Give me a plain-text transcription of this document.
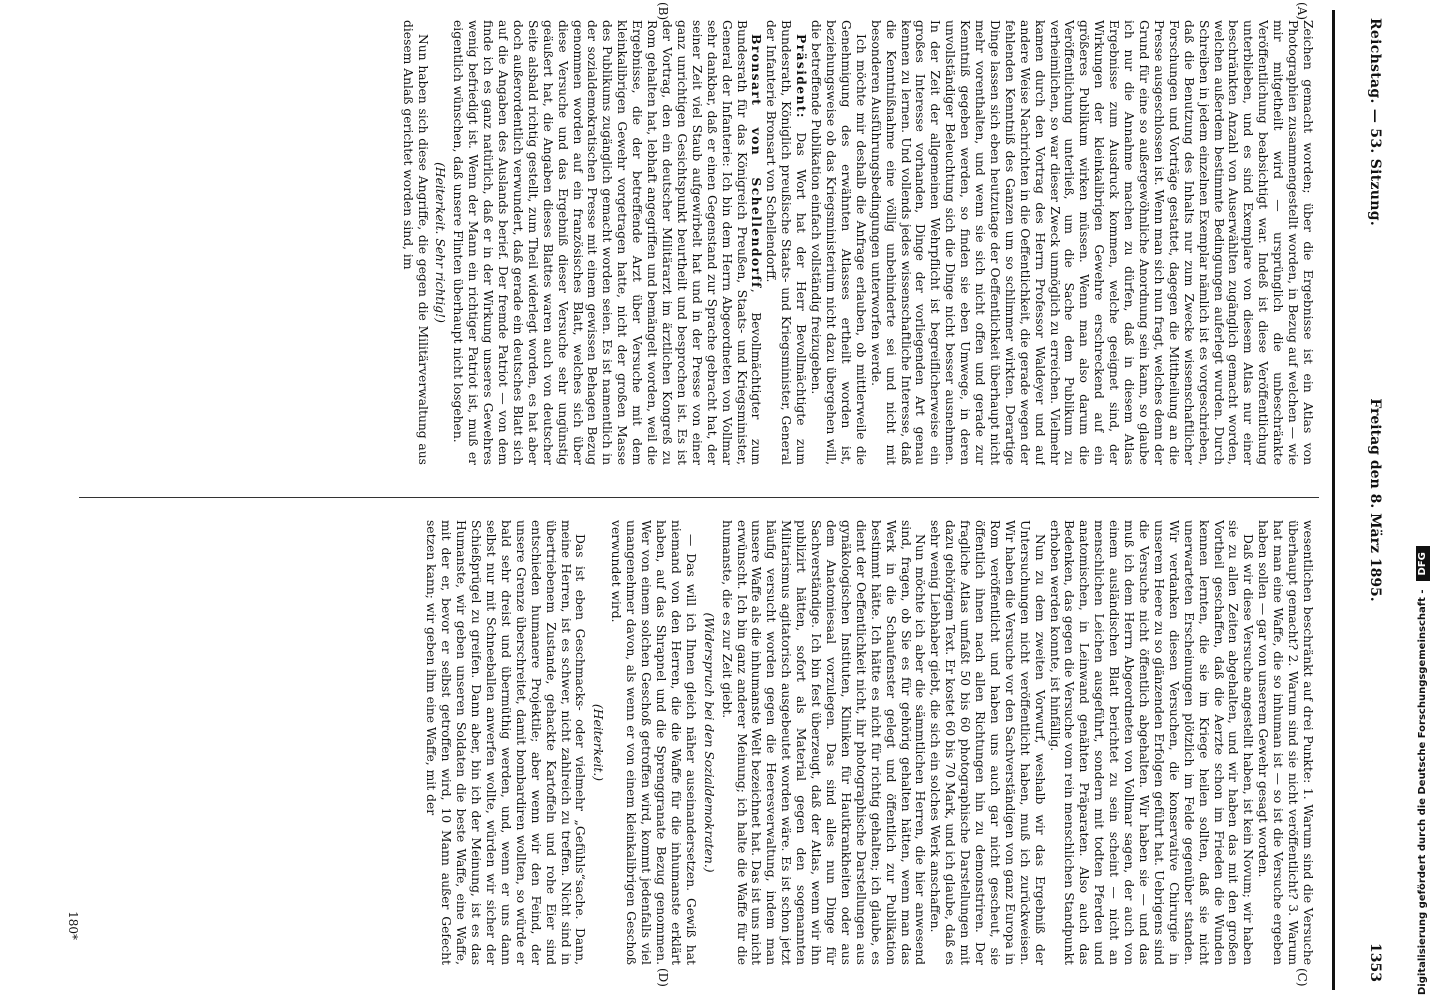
Reichstag. — 53. Sitzung.
Freitag den 8. März 1895.
1353
(A)
(B)
(C)
(D)

Zeichen gemacht worden; über die Ergebnisse ist ein Atlas von Photographien zusammengestellt worden, in Bezug auf welchen — wie mir mitgetheilt wird — ursprünglich die unbeschränkte Veröffentlichung beabsichtigt war. Indeß ist diese Veröffentlichung unterblieben, und es sind Exemplare von diesem Atlas nur einer beschränkten Anzahl von Auserwählten zugänglich gemacht worden, welchen außerdem bestimmte Bedingungen auferlegt wurden. Durch Schreiben in jedem einzelnen Exemplar nämlich ist es vorgeschrieben, daß die Benutzung des Inhalts nur zum Zwecke wissenschaftlicher Forschungen und Vorträge gestattet, dagegen die Mittheilung an die Presse ausgeschlossen ist. Wenn man sich nun fragt, welches denn der Grund für eine so außergewöhnliche Anordnung sein kann, so glaube ich nur die Annahme machen zu dürfen, daß in diesem Atlas Ergebnisse zum Ausdruck kommen, welche geeignet sind, der Wirkungen der kleinkalibrigen Gewehre erschreckend auf ein größeres Publikum wirken müssen. Wenn man also darum die Veröffentlichung unterließ, um die Sache dem Publikum zu verheimlichen, so war dieser Zweck unmöglich zu erreichen. Vielmehr kamen durch den Vortrag des Herrn Professor Waldeyer und auf andere Weise Nachrichten in die Oeffentlichkeit, die gerade wegen der fehlenden Kenntniß des Ganzen um so schlimmer wirkten. Derartige Dinge lassen sich eben heutzutage der Oeffentlichkeit überhaupt nicht mehr vorenthalten, und wenn sie sich nicht offen und gerade zur Kenntniß gegeben werden, so finden sie eben Umwege, in deren unvollständiger Beleuchtung sich die Dinge nicht besser ausnehmen. In der Zeit der allgemeinen Wehrpflicht ist begreiflicherweise ein großes Interesse vorhanden, Dinge der vorliegenden Art genau kennen zu lernen. Und vollends jedes wissenschaftliche Interesse, daß die Kenntnißnahme eine völlig unbehinderte sei und nicht mit besonderen Ausführungsbedingungen unterworfen werde.

Ich möchte mir deshalb die Anfrage erlauben, ob mittlerweile die Genehmigung des erwähnten Atlasses ertheilt worden ist, beziehungsweise ob das Kriegsministerium nicht dazu übergehen will, die betreffende Publikation einfach vollständig freizugeben.

Präsident: Das Wort hat der Herr Bevollmächtigte zum Bundesrath, Königlich preußische Staats- und Kriegsminister, General der Infanterie Bronsart von Schellendorff.

Bronsart von Schellendorff, Bevollmächtigter zum Bundesrath für das Königreich Preußen, Staats- und Kriegsminister, General der Infanterie: Ich bin dem Herrn Abgeordneten von Vollmar sehr dankbar, daß er einen Gegenstand zur Sprache gebracht hat, der seiner Zeit viel Staub aufgewirbelt hat und in der Presse von einer ganz unrichtigen Gesichtspunkt beurtheilt und besprochen ist. Es ist der Vortrag, den ein deutscher Militärarzt im ärztlichen Kongreß zu Rom gehalten hat, lebhaft angegriffen und bemängelt worden, weil die Ergebnisse, die der betreffende Arzt über Versuche mit dem kleinkalibrigen Gewehr vorgetragen hatte, nicht der großen Masse des Publikums zugänglich gemacht worden seien. Es ist namentlich in der sozialdemokratischen Presse mit einem gewissen Behagen Bezug genommen worden auf ein französisches Blatt, welches sich über diese Versuche und das Ergebniß dieser Versuche sehr ungünstig geäußert hat, die Angaben dieses Blattes waren auch von deutscher Seite alsbald richtig gestellt, zum Theil widerlegt worden, es hat aber doch außerordentlich verwundert, daß gerade ein deutsches Blatt sich auf die Angaben des Auslands berief. Der fremde Patriot — von dem finde ich es ganz natürlich, daß er in der Wirkung unseres Gewehres wenig befriedigt ist. Wenn der Mann ein richtiger Patriot ist, muß er eigentlich wünschen, daß unsere Flinten überhaupt nicht losgehen.

(Heiterkeit. Sehr richtig!)

Nun haben sich diese Angriffe, die gegen die Militärverwaltung aus diesem Anlaß gerichtet worden sind, im

wesentlichen beschränkt auf drei Punkte: 1. Warum sind die Versuche überhaupt gemacht? 2. Warum sind sie nicht veröffentlicht? 3. Warum hat man eine Waffe, die so inhuman ist — so ist die Versuche ergeben haben sollen — gar von unserem Gewehr gesagt worden.

Daß wir diese Versuche angestellt haben, ist kein Novum; wir haben sie zu allen Zeiten abgehalten, und wir haben das mit den großen Vortheil geschaffen, daß die Aerzte schon im Frieden die Wunden kennen lernten, die sie im Kriege heilen sollten, daß sie nicht unerwarteten Erscheinungen plötzlich im Felde gegenüber standen. Wir verdanken diesen Versuchen, die konservative Chirurgie in unserem Heere zu so glänzenden Erfolgen geführt hat. Uebrigens sind die Versuche nicht öffentlich abgehalten. Wir haben sie — und das muß ich dem Herrn Abgeordneten von Vollmar sagen, der auch von einem ausländischen Blatt berichtet zu sein scheint — nicht an menschlichen Leichen ausgeführt, sondern mit todten Pferden und anatomischen, in Leinwand genähten Präparaten. Also auch das Bedenken, das gegen die Versuche vom rein menschlichen Standpunkt erhoben werden konnte, ist hinfällig.

Nun zu dem zweiten Vorwurf, weshalb wir das Ergebniß der Untersuchungen nicht veröffentlicht haben, muß ich zurückweisen. Wir haben die Versuche vor den Sachverständigen von ganz Europa in Rom veröffentlicht und haben uns auch gar nicht gescheut, sie öffentlich ihnen nach allen Richtungen hin zu demonstriren. Der fragliche Atlas umfaßt 50 bis 60 photographische Darstellungen mit dazu gehörigem Text. Er kostet 60 bis 70 Mark, und ich glaube, daß es sehr wenig Liebhaber giebt, die sich ein solches Werk anschaffen.

Nun möchte ich aber die sämmtlichen Herren, die hier anwesend sind, fragen, ob Sie es für gehörig gehalten hätten, wenn man das Werk in die Schaufenster gelegt und öffentlich zur Publikation bestimmt hätte. Ich hätte es nicht für richtig gehalten; ich glaube, es dient der Oeffentlichkeit nicht, ihr photographische Darstellungen aus gynäkologischen Instituten, Kliniken für Hautkrankheiten oder aus dem Anatomiesaal vorzulegen. Das sind alles nun Dinge für Sachverständige. Ich bin fest überzeugt, daß der Atlas, wenn wir ihn publizirt hätten, sofort als Material gegen den sogenannten Militarismus agitatorisch ausgebeutet worden wäre. Es ist schon jetzt häufig versucht worden gegen die Heeresverwaltung, indem man unsere Waffe als die inhumanste Welt bezeichnet hat. Das ist uns nicht erwünscht. Ich bin ganz anderer Meinung; ich halte die Waffe für die humanste, die es zur Zeit giebt.

(Widerspruch bei den Sozialdemokraten.)

— Das will ich Ihnen gleich näher auseinandersetzen. Gewiß hat niemand von den Herren, die die Waffe für die inhumanste erklärt haben, auf das Shrapnel und die Sprenggranate Bezug genommen. Wer von einem solchen Geschoß getroffen wird, kommt jedenfalls viel unangenehmer davon, als wenn er von einem kleinkalibrigen Geschoß verwundet wird.

(Heiterkeit.)

Das ist eben Geschmacks- oder vielmehr „Gefühls“sache. Dann, meine Herren, ist es schwer, nicht zahlreich zu treffen. Nicht sind in übertriebenem Zustande, gehackte Kartoffeln und rohe Eier sind entschieden humanere Projektile; aber wenn wir den Feind, der unsere Grenze überschreitet, damit bombardiren wollten, so würde er bald sehr dreist und übermüthig werden, und, wenn er uns dann selbst nur mit Schneeballen anwerfen wollte, würden wir sicher der Schießprügel zu greifen. Dann aber, bin ich der Meinung, ist es das Humanste, wir geben unseren Soldaten die beste Waffe, eine Waffe, mit der er, bevor er selbst getroffen wird, 10 Mann außer Gefecht setzen kann; wir geben ihm eine Waffe, mit der

180*	Digitalisierung gefördert durch die Deutsche Forschungsgemeinschaft -DFG
